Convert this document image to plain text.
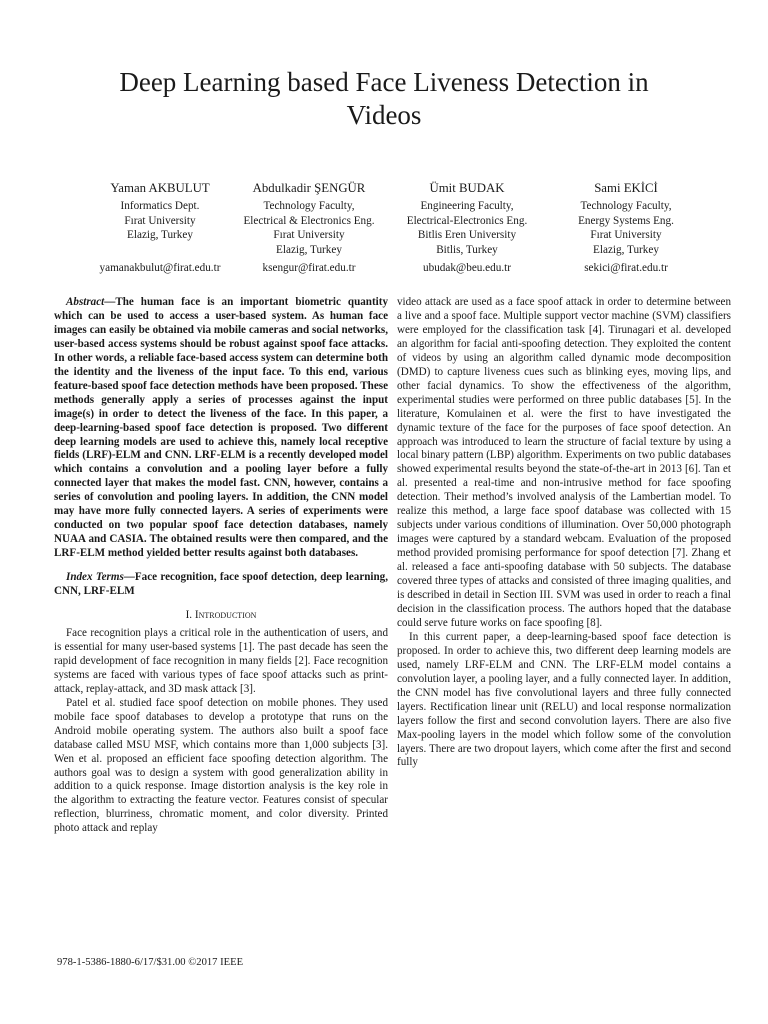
Deep Learning based Face Liveness Detection in
Videos
Yaman AKBULUT
Informatics Dept.
Fırat University
Elazig, Turkey
yamanakbulut@firat.edu.tr
Abdulkadir ŞENGÜR
Technology Faculty,
Electrical & Electronics Eng.
Fırat University
Elazig, Turkey
ksengur@firat.edu.tr
Ümit BUDAK
Engineering Faculty,
Electrical-Electronics Eng.
Bitlis Eren University
Bitlis, Turkey
ubudak@beu.edu.tr
Sami EKİCİ
Technology Faculty,
Energy Systems Eng.
Fırat University
Elazig, Turkey
sekici@firat.edu.tr

Abstract—The human face is an important biometric quantity which can be used to access a user-based system. As human face images can easily be obtained via mobile cameras and social networks, user-based access systems should be robust against spoof face attacks. In other words, a reliable face-based access system can determine both the identity and the liveness of the input face. To this end, various feature-based spoof face detection methods have been proposed. These methods generally apply a series of processes against the input image(s) in order to detect the liveness of the face. In this paper, a deep-learning-based spoof face detection is proposed. Two different deep learning models are used to achieve this, namely local receptive fields (LRF)-ELM and CNN. LRF-ELM is a recently developed model which contains a convolution and a pooling layer before a fully connected layer that makes the model fast. CNN, however, contains a series of convolution and pooling layers. In addition, the CNN model may have more fully connected layers. A series of experiments were conducted on two popular spoof face detection databases, namely NUAA and CASIA. The obtained results were then compared, and the LRF-ELM method yielded better results against both databases.

Index Terms—Face recognition, face spoof detection, deep learning, CNN, LRF-ELM

I. Introduction

Face recognition plays a critical role in the authentication of users, and is essential for many user-based systems [1]. The past decade has seen the rapid development of face recognition in many fields [2]. Face recognition systems are faced with various types of face spoof attacks such as print-attack, replay-attack, and 3D mask attack [3].

Patel et al. studied face spoof detection on mobile phones. They used mobile face spoof databases to develop a prototype that runs on the Android mobile operating system. The authors also built a spoof face database called MSU MSF, which contains more than 1,000 subjects [3]. Wen et al. proposed an efficient face spoofing detection algorithm. The authors goal was to design a system with good generalization ability in addition to a quick response. Image distortion analysis is the key role in the algorithm to extracting the feature vector. Features consist of specular reflection, blurriness, chromatic moment, and color diversity. Printed photo attack and replay

video attack are used as a face spoof attack in order to determine between a live and a spoof face. Multiple support vector machine (SVM) classifiers were employed for the classification task [4]. Tirunagari et al. developed an algorithm for facial anti-spoofing detection. They exploited the content of videos by using an algorithm called dynamic mode decomposition (DMD) to capture liveness cues such as blinking eyes, moving lips, and other facial dynamics. To show the effectiveness of the algorithm, experimental studies were performed on three public databases [5]. In the literature, Komulainen et al. were the first to have investigated the dynamic texture of the face for the purposes of face spoof detection. An approach was introduced to learn the structure of facial texture by using a local binary pattern (LBP) algorithm. Experiments on two public databases showed experimental results beyond the state-of-the-art in 2013 [6]. Tan et al. presented a real-time and non-intrusive method for face spoofing detection. Their method’s involved analysis of the Lambertian model. To realize this method, a large face spoof database was collected with 15 subjects under various conditions of illumination. Over 50,000 photograph images were captured by a standard webcam. Evaluation of the proposed method provided promising performance for spoof detection [7]. Zhang et al. released a face anti-spoofing database with 50 subjects. The database covered three types of attacks and consisted of three imaging qualities, and is described in detail in Section III. SVM was used in order to reach a final decision in the classification process. The authors hoped that the database could serve future works on face spoofing [8].

In this current paper, a deep-learning-based spoof face detection is proposed. In order to achieve this, two different deep learning models are used, namely LRF-ELM and CNN. The LRF-ELM model contains a convolution layer, a pooling layer, and a fully connected layer. In addition, the CNN model has five convolutional layers and three fully connected layers. Rectification linear unit (RELU) and local response normalization layers follow the first and second convolution layers. There are also five Max-pooling layers in the model which follow some of the convolution layers. There are two dropout layers, which come after the first and second fully

978-1-5386-1880-6/17/$31.00 ©2017 IEEE
